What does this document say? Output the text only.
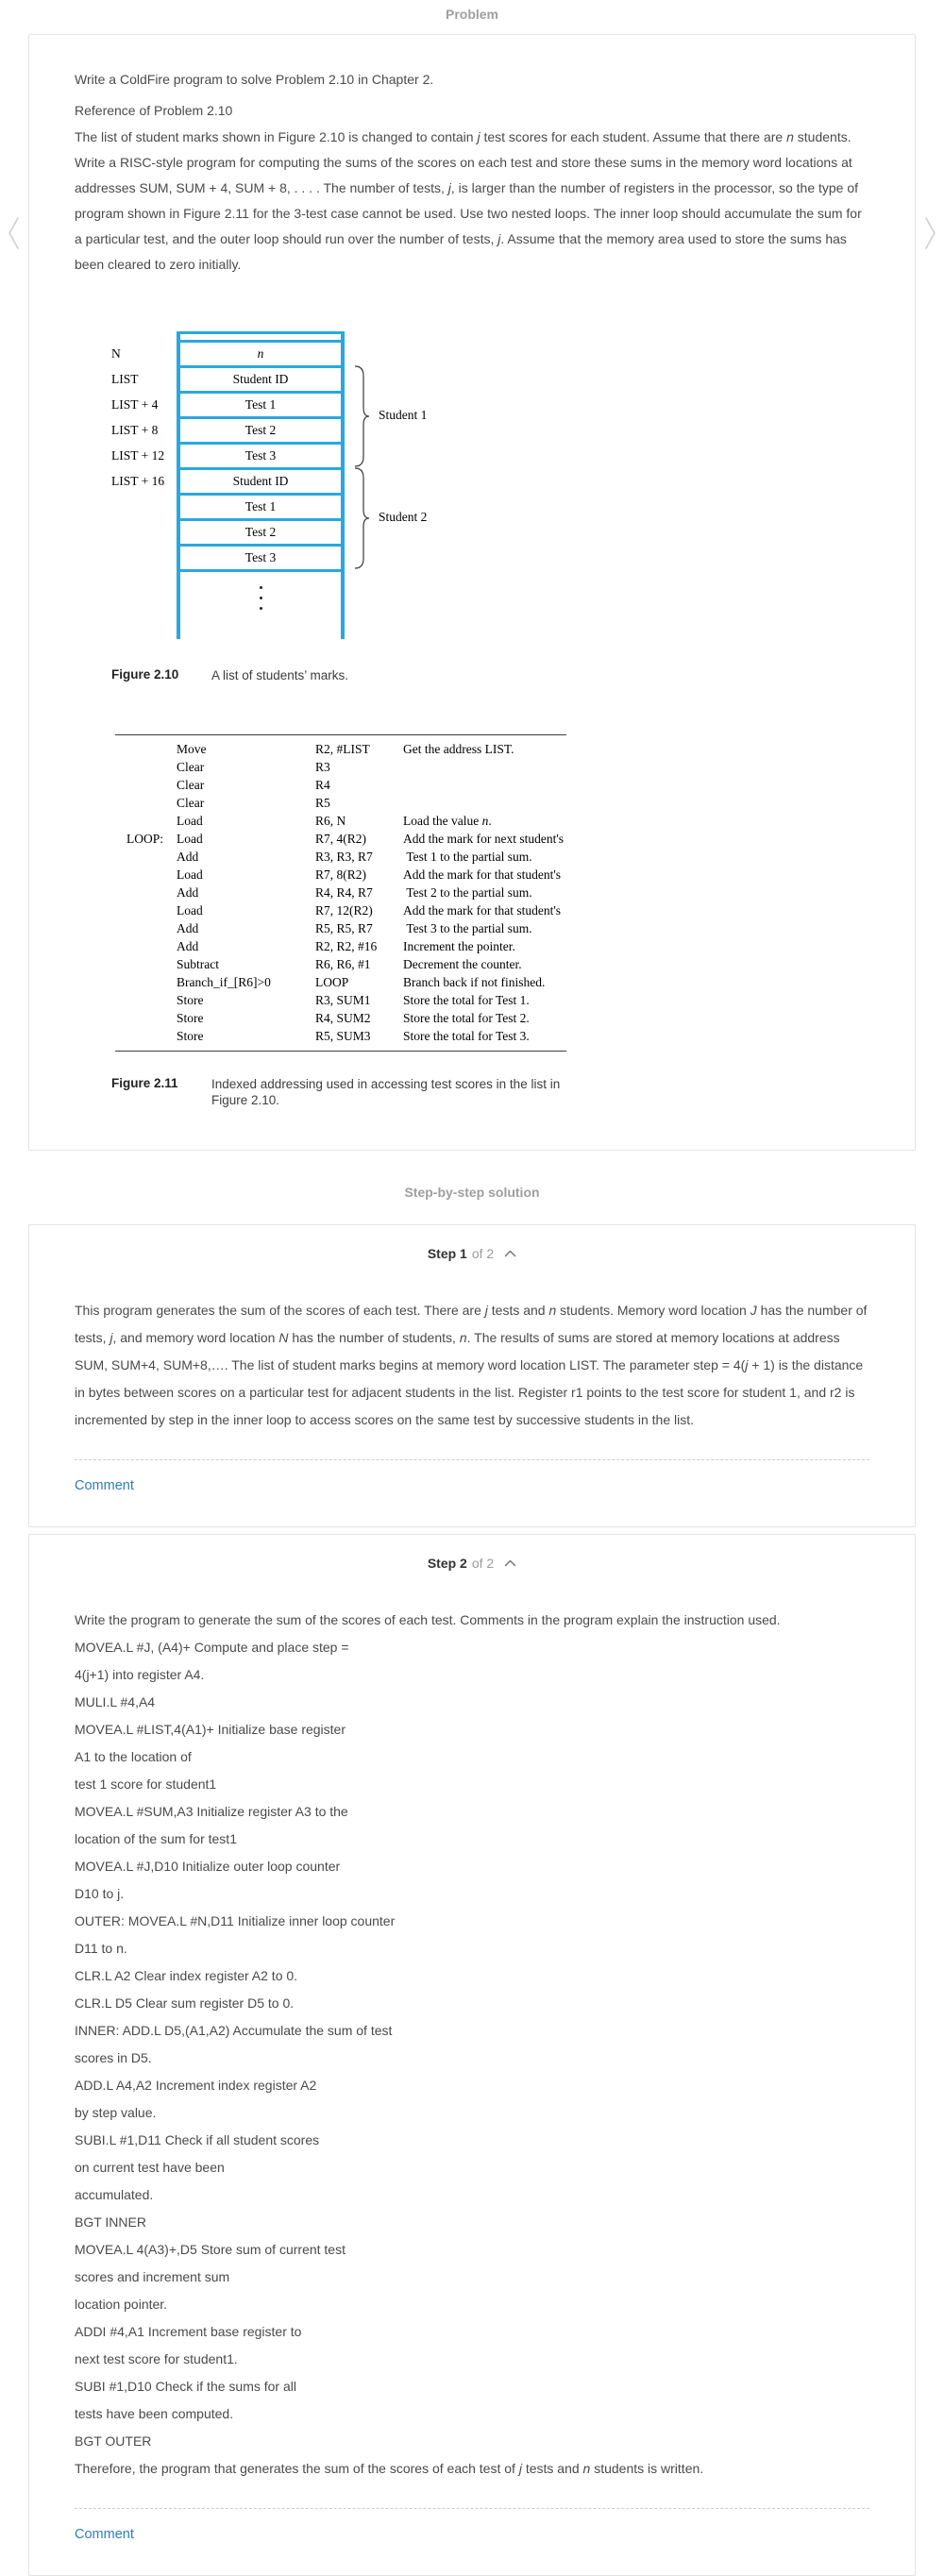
Problem

Write a ColdFire program to solve Problem 2.10 in Chapter 2.

Reference of Problem 2.10

The list of student marks shown in Figure 2.10 is changed to contain j test scores for each student. Assume that there are n students. Write a RISC-style program for computing the sums of the scores on each test and store these sums in the memory word locations at addresses SUM, SUM + 4, SUM + 8, . . . . The number of tests, j, is larger than the number of registers in the processor, so the type of program shown in Figure 2.11 for the 3-test case cannot be used. Use two nested loops. The inner loop should accumulate the sum for a particular test, and the outer loop should run over the number of tests, j. Assume that the memory area used to store the sums has been cleared to zero initially.

N	n
LIST	Student ID
LIST + 4	Test 1
LIST + 8	Test 2
LIST + 12	Test 3
LIST + 16	Student ID
Test 1
Test 2
Test 3
Student 1
Student 2
Figure 2.10	A list of students’ marks.
Move	R2, #LIST	Get the address LIST.
Clear	R3
Clear	R4
Clear	R5
Load	R6, N	Load the value n.
LOOP:	Load	R7, 4(R2)	Add the mark for next student's
Add	R3, R3, R7	Test 1 to the partial sum.
Load	R7, 8(R2)	Add the mark for that student's
Add	R4, R4, R7	Test 2 to the partial sum.
Load	R7, 12(R2)	Add the mark for that student's
Add	R5, R5, R7	Test 3 to the partial sum.
Add	R2, R2, #16	Increment the pointer.
Subtract	R6, R6, #1	Decrement the counter.
Branch_if_[R6]>0	LOOP	Branch back if not finished.
Store	R3, SUM1	Store the total for Test 1.
Store	R4, SUM2	Store the total for Test 2.
Store	R5, SUM3	Store the total for Test 3.
Figure 2.11	Indexed addressing used in accessing test scores in the list in Figure 2.10.
Step-by-step solution
Step 1 of 2

This program generates the sum of the scores of each test. There are j tests and n students. Memory word location J has the number of tests, j, and memory word location N has the number of students, n. The results of sums are stored at memory locations at address SUM, SUM+4, SUM+8,…. The list of student marks begins at memory word location LIST. The parameter step = 4(j + 1) is the distance in bytes between scores on a particular test for adjacent students in the list. Register r1 points to the test score for student 1, and r2 is incremented by step in the inner loop to access scores on the same test by successive students in the list.

Comment
Step 2 of 2

Write the program to generate the sum of the scores of each test. Comments in the program explain the instruction used.

MOVEA.L #J, (A4)+ Compute and place step =

4(j+1) into register A4.

MULI.L #4,A4

MOVEA.L #LIST,4(A1)+ Initialize base register

A1 to the location of

test 1 score for student1

MOVEA.L #SUM,A3 Initialize register A3 to the

location of the sum for test1

MOVEA.L #J,D10 Initialize outer loop counter

D10 to j.

OUTER: MOVEA.L #N,D11 Initialize inner loop counter

D11 to n.

CLR.L A2 Clear index register A2 to 0.

CLR.L D5 Clear sum register D5 to 0.

INNER: ADD.L D5,(A1,A2) Accumulate the sum of test

scores in D5.

ADD.L A4,A2 Increment index register A2

by step value.

SUBI.L #1,D11 Check if all student scores

on current test have been

accumulated.

BGT INNER

MOVEA.L 4(A3)+,D5 Store sum of current test

scores and increment sum

location pointer.

ADDI #4,A1 Increment base register to

next test score for student1.

SUBI #1,D10 Check if the sums for all

tests have been computed.

BGT OUTER

Therefore, the program that generates the sum of the scores of each test of j tests and n students is written.

Comment
